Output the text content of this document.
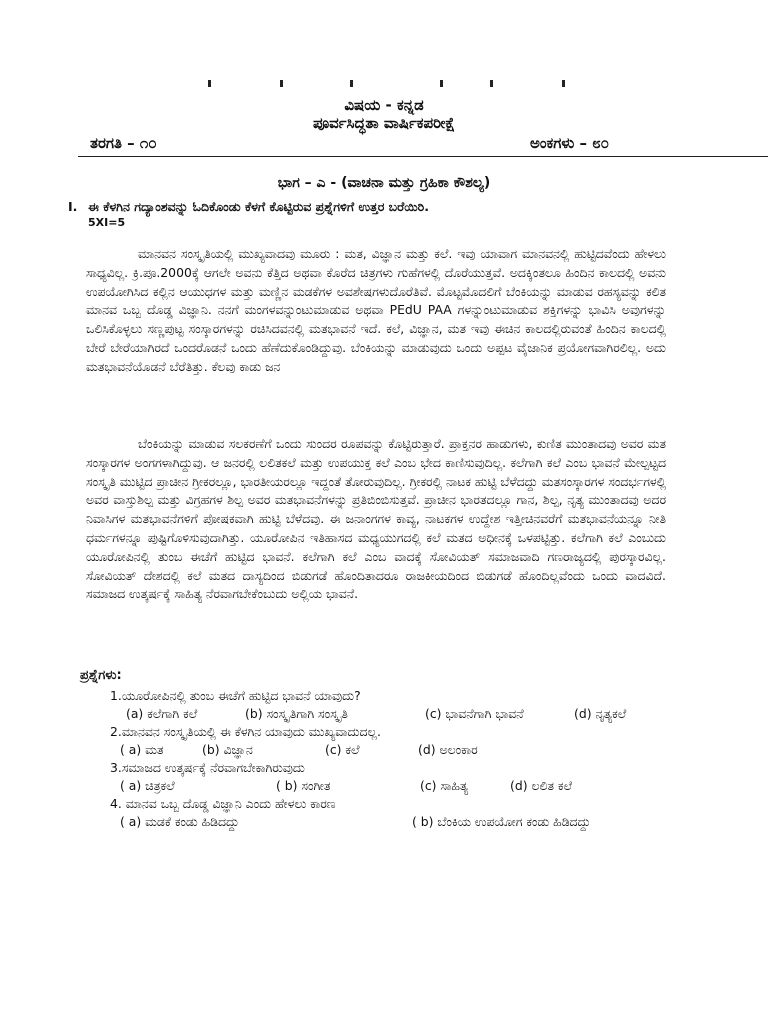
ವಿಷಯ - ಕನ್ನಡ
ಪೂರ್ವಸಿದ್ಧತಾ ವಾರ್ಷಿಕಪರೀಕ್ಷೆ
ತರಗತಿ – ೧೦	ಅಂಕಗಳು – ೮೦
ಭಾಗ – ಎ - (ವಾಚನಾ ಮತ್ತು ಗ್ರಹಿಕಾ ಕೌಶಲ್ಯ)
I. ಈ ಕೆಳಗಿನ ಗದ್ಯಾಂಶವನ್ನು ಓದಿಕೊಂಡು ಕೆಳಗೆ ಕೊಟ್ಟಿರುವ ಪ್ರಶ್ನೆಗಳಿಗೆ ಉತ್ತರ ಬರೆಯಿರಿ.
5XI=5
ಮಾನವನ ಸಂಸ್ಕೃತಿಯಲ್ಲಿ ಮುಖ್ಯವಾದವು ಮೂರು : ಮತ, ವಿಜ್ಞಾನ ಮತ್ತು ಕಲೆ. ಇವು ಯಾವಾಗ ಮಾನವನಲ್ಲಿ ಹುಟ್ಟಿದವೆಂದು ಹೇಳಲು ಸಾಧ್ಯವಿಲ್ಲ. ಕ್ರಿ.ಪೂ.2000ಕ್ಕೆ ಆಗಲೇ ಅವನು ಕೆತ್ತಿದ ಅಥವಾ ಕೊರೆದ ಚಿತ್ರಗಳು ಗುಹೆಗಳಲ್ಲಿ ದೊರೆಯುತ್ತವೆ. ಅದಕ್ಕಿಂತಲೂ ಹಿಂದಿನ ಕಾಲದಲ್ಲಿ ಅವನು ಉಪಯೋಗಿಸಿದ ಕಲ್ಲಿನ ಆಯುಧಗಳ ಮತ್ತು ಮಣ್ಣಿನ ಮಡಕೆಗಳ ಅವಶೇಷಗಳುದೊರೆತಿವೆ. ಮೊಟ್ಟಮೊದಲಿಗೆ ಬೆಂಕಿಯನ್ನು ಮಾಡುವ ರಹಸ್ಯವನ್ನು ಕಲಿತ ಮಾನವ ಒಬ್ಬ ದೊಡ್ಡ ವಿಜ್ಞಾನಿ. ನನಗೆ ಮಂಗಳವನ್ನುಂಟುಮಾಡುವ ಅಥವಾ PEdU PAA ಗಳನ್ನುಂಟುಮಾಡುವ ಶಕ್ತಿಗಳನ್ನು ಭಾವಿಸಿ ಅವುಗಳನ್ನು ಒಲಿಸಿಕೊಳ್ಳಲು ಸಣ್ಣಪುಟ್ಟ ಸಂಸ್ಕಾರಗಳನ್ನು ರಚಿಸಿದವನಲ್ಲಿ ಮತಭಾವನೆ ಇದೆ. ಕಲೆ, ವಿಜ್ಞಾನ, ಮತ ಇವು ಈಚಿನ ಕಾಲದಲ್ಲಿರುವಂತೆ ಹಿಂದಿನ ಕಾಲದಲ್ಲಿ ಬೇರೆ ಬೇರೆಯಾಗಿರದೆ ಒಂದರೊಡನೆ ಒಂದು ಹೆಣೆದುಕೊಂಡಿದ್ದುವು. ಬೆಂಕಿಯನ್ನು ಮಾಡುವುದು ಒಂದು ಅಪ್ಪಟ ವೈಜಾನಿಕ ಪ್ರಯೋಗವಾಗಿರಲಿಲ್ಲ. ಅದು ಮತಭಾವನೆಯೊಡನೆ ಬೆರೆತಿತ್ತು. ಕೆಲವು ಕಾಡು ಜನ
ಬೆಂಕಿಯನ್ನು ಮಾಡುವ ಸಲಕರಣೆಗೆ ಒಂದು ಸುಂದರ ರೂಪವನ್ನು ಕೊಟ್ಟಿರುತ್ತಾರೆ. ಪ್ರಾಕ್ತನರ ಹಾಡುಗಳು, ಕುಣಿತ ಮುಂತಾದವು ಅವರ ಮತ ಸಂಸ್ಕಾರಗಳ ಅಂಗಗಳಾಗಿದ್ದುವು. ಆ ಜನರಲ್ಲಿ ಲಲಿತಕಲೆ ಮತ್ತು ಉಪಯುಕ್ತ ಕಲೆ ಎಂಬ ಭೇದ ಕಾಣಿಸುವುದಿಲ್ಲ. ಕಲೆಗಾಗಿ ಕಲೆ ಎಂಬ ಭಾವನೆ ಮೇಲ್ಪಟ್ಟದ ಸಂಸ್ಕೃತಿ ಮುಟ್ಟಿದ ಪ್ರಾಚೀನ ಗ್ರೀಕರಲ್ಲೂ, ಭಾರತೀಯರಲ್ಲೂ ಇದ್ದಂತೆ ತೋರುವುದಿಲ್ಲ. ಗ್ರೀಕರಲ್ಲಿ ನಾಟಕ ಹುಟ್ಟಿ ಬೆಳೆದದ್ದು ಮತಸಂಸ್ಕಾರಗಳ ಸಂದರ್ಭಗಳಲ್ಲಿ ಅವರ ವಾಸ್ತುಶಿಲ್ಪ ಮತ್ತು ವಿಗ್ರಹಗಳ ಶಿಲ್ಪ ಅವರ ಮತಭಾವನೆಗಳನ್ನು ಪ್ರತಿಬಿಂಬಿಸುತ್ತವೆ. ಪ್ರಾಚೀನ ಭಾರತದಲ್ಲೂ ಗಾನ, ಶಿಲ್ಪ, ನೃತ್ಯ ಮುಂತಾದವು ಅದರ ನಿವಾಸಿಗಳ ಮತಭಾವನೆಗಳಿಗೆ ಪೋಷಕವಾಗಿ ಹುಟ್ಟಿ ಬೆಳೆದವು. ಈ ಜನಾಂಗಗಳ ಕಾವ್ಯ, ನಾಟಕಗಳ ಉದ್ದೇಶ ಇತ್ತೀಚಿನವರೆಗೆ ಮತಭಾವನೆಯನ್ನೂ ನೀತಿ ಧರ್ಮಗಳನ್ನೂ ಪುಷ್ಟಿಗೊಳಿಸುವುದಾಗಿತ್ತು. ಯೂರೋಪಿನ ಇತಿಹಾಸದ ಮಧ್ಯಯುಗದಲ್ಲಿ ಕಲೆ ಮತದ ಅಧೀನಕ್ಕೆ ಒಳಪಟ್ಟಿತ್ತು. ಕಲೆಗಾಗಿ ಕಲೆ ಎಂಬುದು ಯೂರೋಪಿನಲ್ಲಿ ತುಂಬ ಈಚೆಗೆ ಹುಟ್ಟಿದ ಭಾವನೆ. ಕಲೆಗಾಗಿ ಕಲೆ ಎಂಬ ವಾದಕ್ಕೆ ಸೋವಿಯತ್ ಸಮಾಜವಾದಿ ಗಣರಾಜ್ಯದಲ್ಲಿ ಪುರಸ್ಕಾರವಿಲ್ಲ. ಸೋವಿಯತ್ ದೇಶದಲ್ಲಿ ಕಲೆ ಮತದ ದಾಸ್ಯದಿಂದ ಬಿಡುಗಡೆ ಹೊಂದಿತಾದರೂ ರಾಜಕೀಯದಿಂದ ಬಿಡುಗಡೆ ಹೊಂದಿಲ್ಲವೆಂದು ಒಂದು ವಾದವಿದೆ. ಸಮಾಜದ ಉತ್ಕರ್ಷಕ್ಕೆ ಸಾಹಿತ್ಯ ನೆರವಾಗಬೇಕೆಂಬುದು ಅಲ್ಲಿಯ ಭಾವನೆ.
ಪ್ರಶ್ನೆಗಳು:
1.ಯೂರೋಪಿನಲ್ಲಿ ತುಂಬ ಈಚೆಗೆ ಹುಟ್ಟಿದ ಭಾವನೆ ಯಾವುದು?
(a) ಕಲೆಗಾಗಿ ಕಲೆ	(b) ಸಂಸ್ಕೃತಿಗಾಗಿ ಸಂಸ್ಕೃತಿ	(c) ಭಾವನೆಗಾಗಿ ಭಾವನೆ	(d) ನೃತ್ಯಕಲೆ
2.ಮಾನವನ ಸಂಸ್ಕೃತಿಯಲ್ಲಿ ಈ ಕೆಳಗಿನ ಯಾವುದು ಮುಖ್ಯವಾದುದಲ್ಲ.
( a) ಮತ	(b) ವಿಜ್ಞಾನ	(c) ಕಲೆ	(d) ಅಲಂಕಾರ
3.ಸಮಾಜದ ಉತ್ಕರ್ಷಕ್ಕೆ ನೆರವಾಗಬೇಕಾಗಿರುವುದು
( a) ಚಿತ್ರಕಲೆ	( b) ಸಂಗೀತ	(c) ಸಾಹಿತ್ಯ	(d) ಲಲಿತ ಕಲೆ
4. ಮಾನವ ಒಬ್ಬ ದೊಡ್ಡ ವಿಜ್ಞಾನಿ ಎಂದು ಹೇಳಲು ಕಾರಣ
( a) ಮಡಕೆ ಕಂಡು ಹಿಡಿದದ್ದು	( b) ಬೆಂಕಿಯ ಉಪಯೋಗ ಕಂಡು ಹಿಡಿದದ್ದು
